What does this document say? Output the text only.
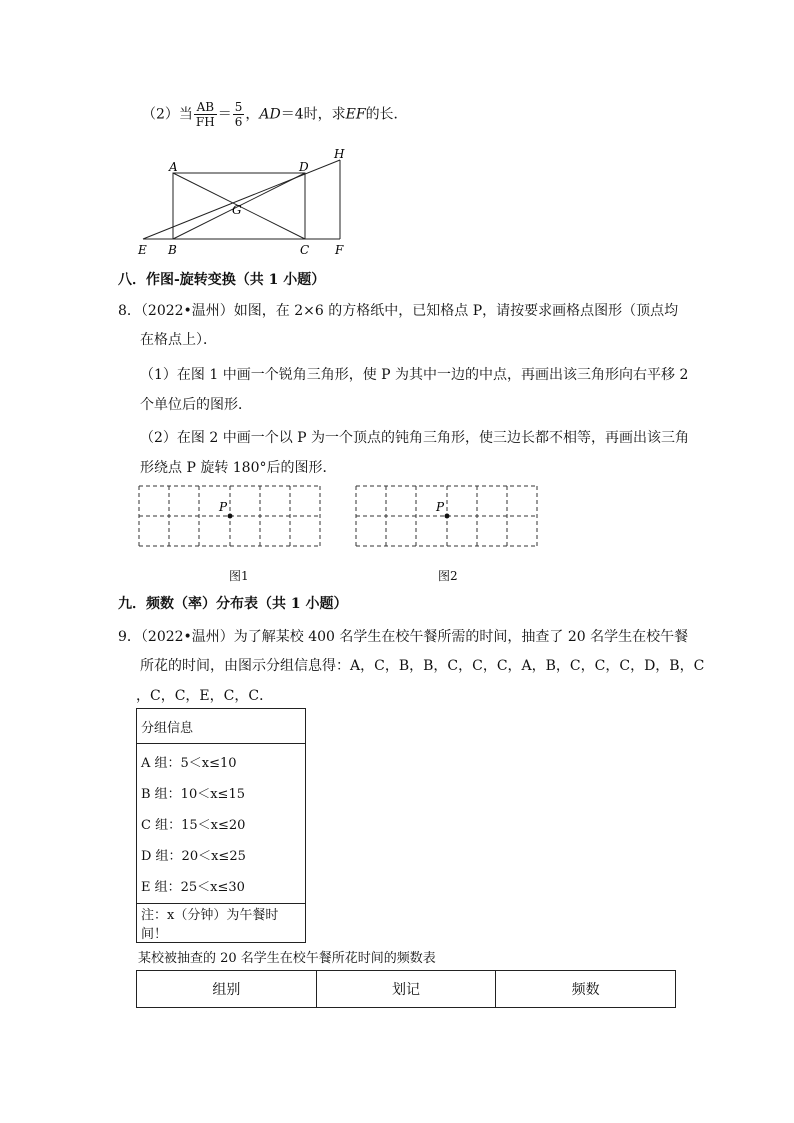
（2）当 $\frac{AB}{FH} = \frac{5}{6}$ ，AD＝4时，求EF的长．
A	D
H
G
E B	C F
八．作图-旋转变换（共 1 小题）
8．（2022•温州）如图，在 2×6 的方格纸中，已知格点 P，请按要求画格点图形（顶点均
在格点上）．
（1）在图 1 中画一个锐角三角形，使 P 为其中一边的中点，再画出该三角形向右平移 2
个单位后的图形．
（2）在图 2 中画一个以 P 为一个顶点的钝角三角形，使三边长都不相等，再画出该三角
形绕点 P 旋转 180°后的图形．
P	P
图1	图2
九．频数（率）分布表（共 1 小题）
9．（2022•温州）为了解某校 400 名学生在校午餐所需的时间，抽查了 20 名学生在校午餐
所花的时间，由图示分组信息得：A，C，B，B，C，C，C，A，B，C，C，C，D，B，C
，C，C，E，C，C．
分组信息

A 组：5＜x≤10
B 组：10＜x≤15
C 组：15＜x≤20
D 组：20＜x≤25
E 组：25＜x≤30

注：x（分钟）为午餐时间！
某校被抽查的 20 名学生在校午餐所花时间的频数表
组别	划记	频数
